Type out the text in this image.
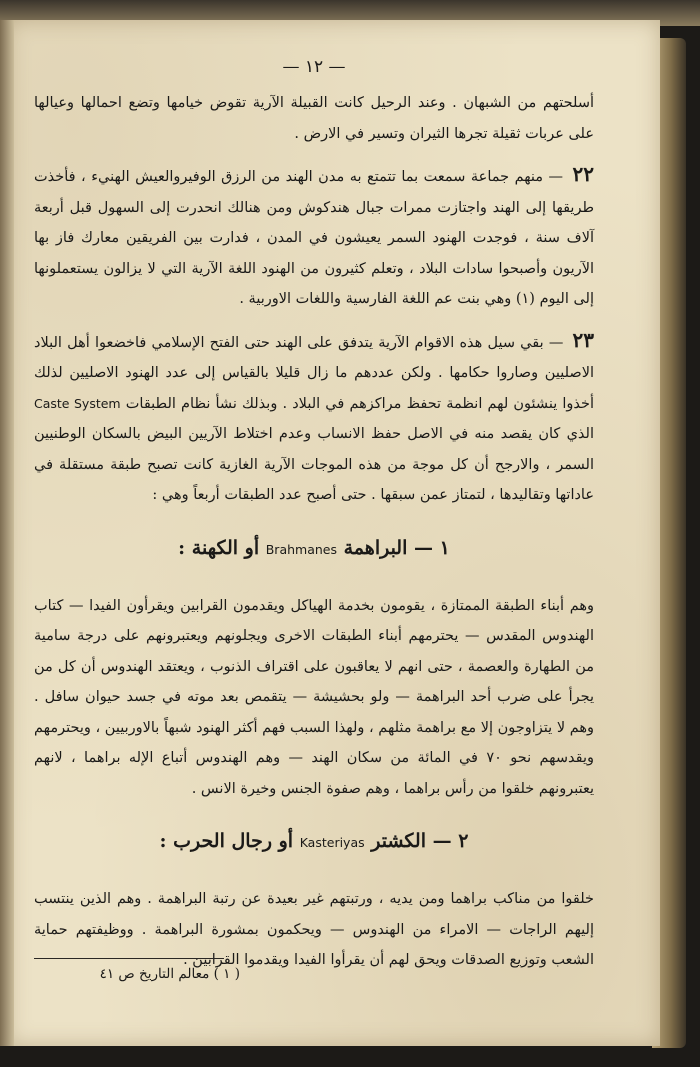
— ١٢ —

أسلحتهم من الشبهان . وعند الرحيل كانت القبيلة الآرية تقوض خيامها وتضع احمالها وعيالها على عربات ثقيلة تجرها الثيران وتسير في الارض .

٢٢ — منهم جماعة سمعت بما تتمتع به مدن الهند من الرزق الوفيروالعيش الهنيء ، فأخذت طريقها إلى الهند واجتازت ممرات جبال هندكوش ومن هنالك انحدرت إلى السهول قبل أربعة آلاف سنة ، فوجدت الهنود السمر يعيشون في المدن ، فدارت بين الفريقين معارك فاز بها الآريون وأصبحوا سادات البلاد ، وتعلم كثيرون من الهنود اللغة الآرية التي لا يزالون يستعملونها إلى اليوم (١) وهي بنت عم اللغة الفارسية واللغات الاوربية .

٢٣ — بقي سيل هذه الاقوام الآرية يتدفق على الهند حتى الفتح الإسلامي فاخضعوا أهل البلاد الاصليين وصاروا حكامها . ولكن عددهم ما زال قليلا بالقياس إلى عدد الهنود الاصليين لذلك أخذوا ينشئون لهم انظمة تحفظ مراكزهم في البلاد . وبذلك نشأ نظام الطبقات Caste System الذي كان يقصد منه في الاصل حفظ الانساب وعدم اختلاط الآريين البيض بالسكان الوطنيين السمر ، والارجح أن كل موجة من هذه الموجات الآرية الغازية كانت تصبح طبقة مستقلة في عاداتها وتقاليدها ، لتمتاز عمن سبقها . حتى أصبح عدد الطبقات أربعاً وهي :

١ — البراهمة Brahmanes أو الكهنة :

وهم أبناء الطبقة الممتازة ، يقومون بخدمة الهياكل ويقدمون القرابين ويقرأون الفيدا — كتاب الهندوس المقدس — يحترمهم أبناء الطبقات الاخرى ويجلونهم ويعتبرونهم على درجة سامية من الطهارة والعصمة ، حتى انهم لا يعاقبون على اقتراف الذنوب ، ويعتقد الهندوس أن كل من يجرأ على ضرب أحد البراهمة — ولو بحشيشة — يتقمص بعد موته في جسد حيوان سافل . وهم لا يتزاوجون إلا مع براهمة مثلهم ، ولهذا السبب فهم أكثر الهنود شبهاً بالاوربيين ، ويحترمهم ويقدسهم نحو ٧٠ في المائة من سكان الهند — وهم الهندوس أتباع الإله براهما ، لانهم يعتبرونهم خلقوا من رأس براهما ، وهم صفوة الجنس وخيرة الانس .

٢ — الكشتر Kasteriyas أو رجال الحرب :

خلقوا من مناكب براهما ومن يديه ، ورتبتهم غير بعيدة عن رتبة البراهمة . وهم الذين ينتسب إليهم الراجات — الامراء من الهندوس — ويحكمون بمشورة البراهمة . ووظيفتهم حماية الشعب وتوزيع الصدقات ويحق لهم أن يقرأوا الفيدا ويقدموا القرابين .

( ١ ) معالم التاريخ ص ٤١
